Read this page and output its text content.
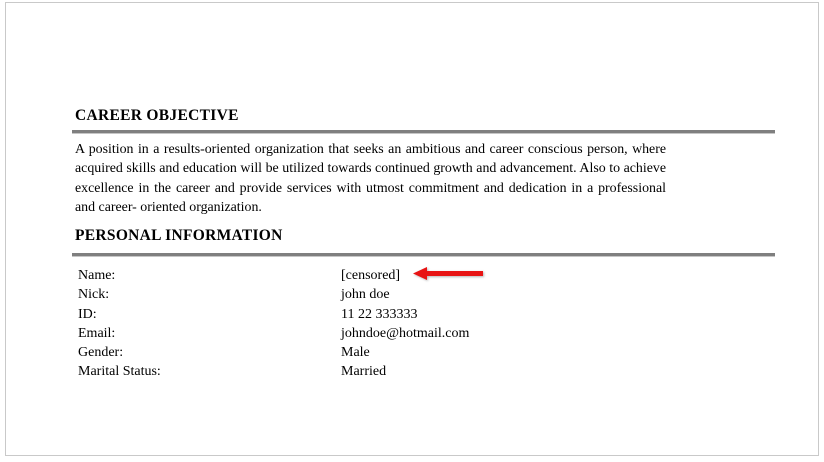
CAREER OBJECTIVE
A position in a results-oriented organization that seeks an ambitious and career conscious person, where acquired skills and education will be utilized towards continued growth and advancement. Also to achieve excellence in the career and provide services with utmost commitment and dedication in a professional and career- oriented organization.
PERSONAL INFORMATION
Name:	[censored]
Nick:	john doe
ID:	11 22 333333
Email:	johndoe@hotmail.com
Gender:	Male
Marital Status:	Married
